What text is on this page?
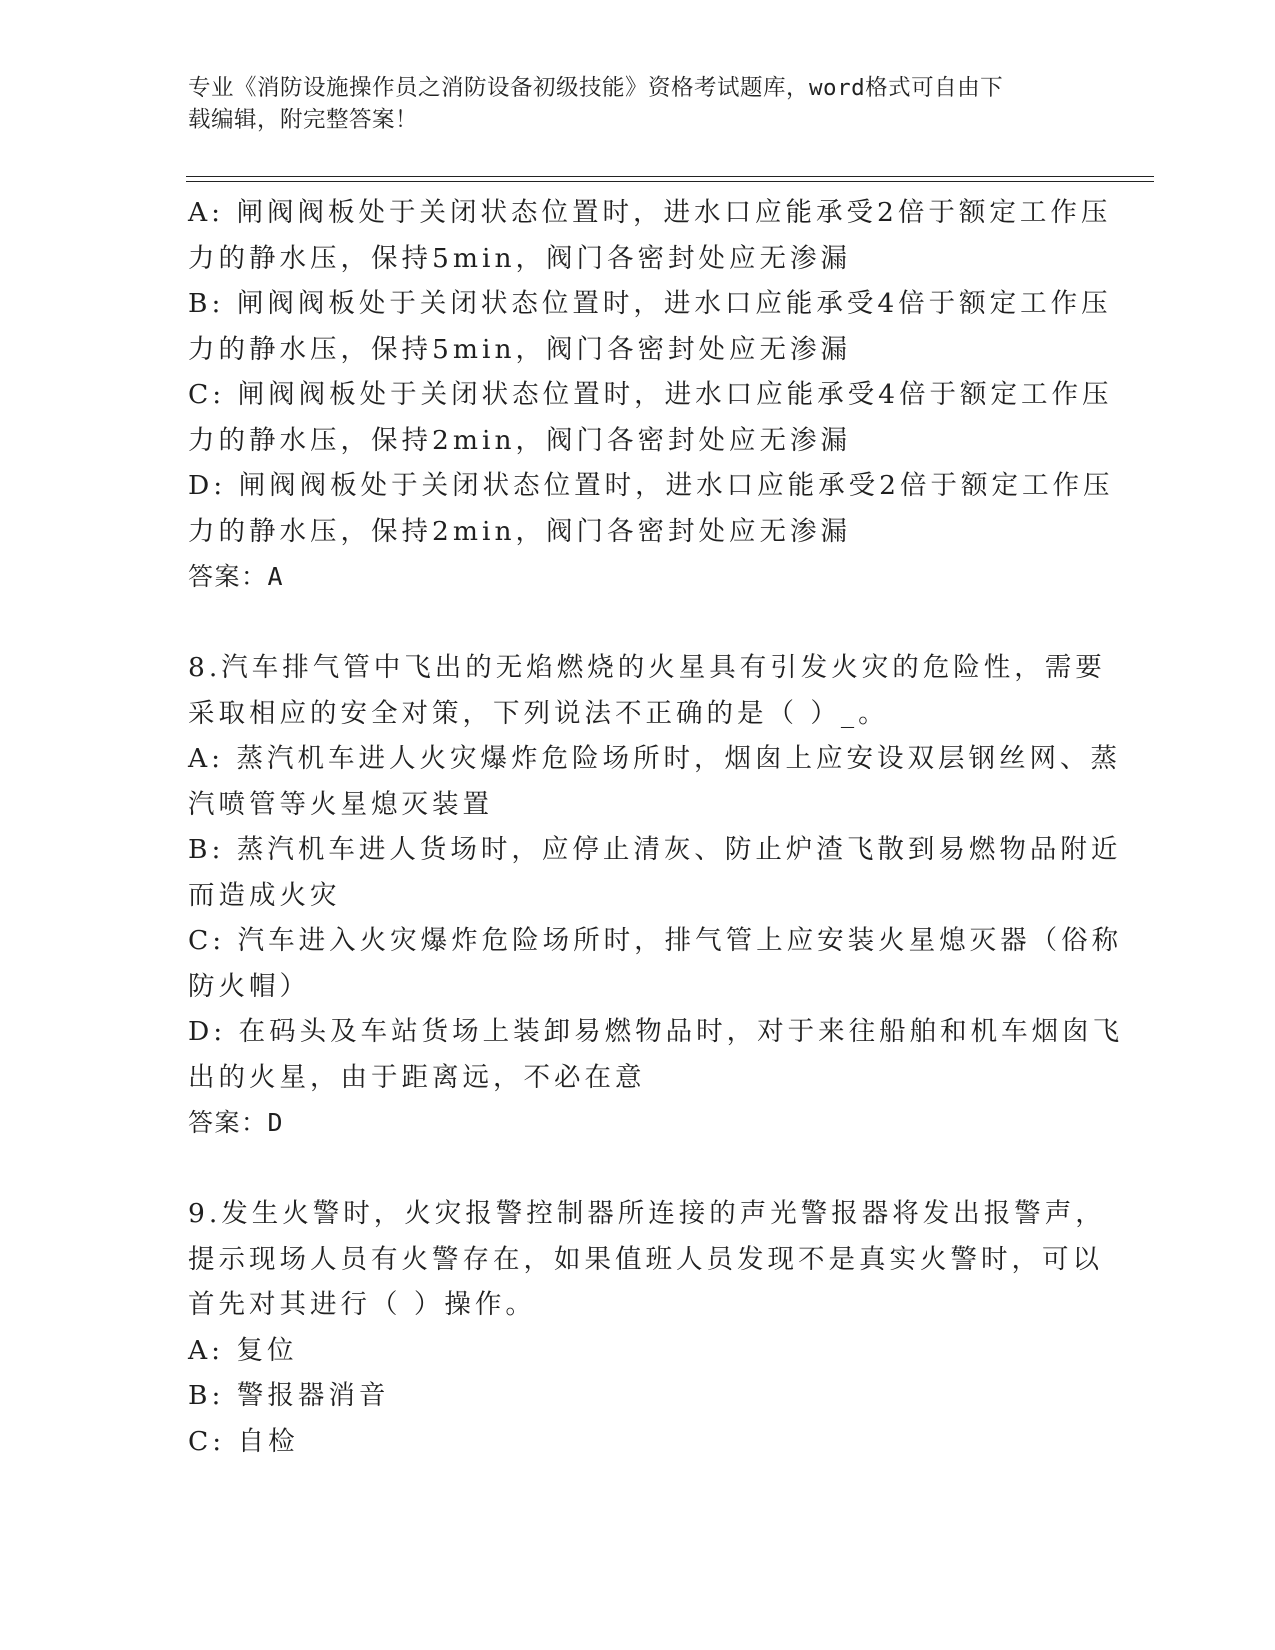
专业《消防设施操作员之消防设备初级技能》资格考试题库，word格式可自由下
载编辑，附完整答案！
A: 闸阀阀板处于关闭状态位置时，进水口应能承受2倍于额定工作压
力的静水压，保持5min，阀门各密封处应无渗漏
B: 闸阀阀板处于关闭状态位置时，进水口应能承受4倍于额定工作压
力的静水压，保持5min，阀门各密封处应无渗漏
C: 闸阀阀板处于关闭状态位置时，进水口应能承受4倍于额定工作压
力的静水压，保持2min，阀门各密封处应无渗漏
D: 闸阀阀板处于关闭状态位置时，进水口应能承受2倍于额定工作压
力的静水压，保持2min，阀门各密封处应无渗漏
答案：A
8.汽车排气管中飞出的无焰燃烧的火星具有引发火灾的危险性，需要
采取相应的安全对策，下列说法不正确的是（ ）_。
A: 蒸汽机车进人火灾爆炸危险场所时，烟囱上应安设双层钢丝网、蒸
汽喷管等火星熄灭装置
B: 蒸汽机车进人货场时，应停止清灰、防止炉渣飞散到易燃物品附近
而造成火灾
C: 汽车进入火灾爆炸危险场所时，排气管上应安装火星熄灭器（俗称
防火帽）
D: 在码头及车站货场上装卸易燃物品时，对于来往船舶和机车烟囱飞
出的火星，由于距离远，不必在意
答案：D
9.发生火警时，火灾报警控制器所连接的声光警报器将发出报警声，
提示现场人员有火警存在，如果值班人员发现不是真实火警时，可以
首先对其进行（ ）操作。
A: 复位
B: 警报器消音
C: 自检
